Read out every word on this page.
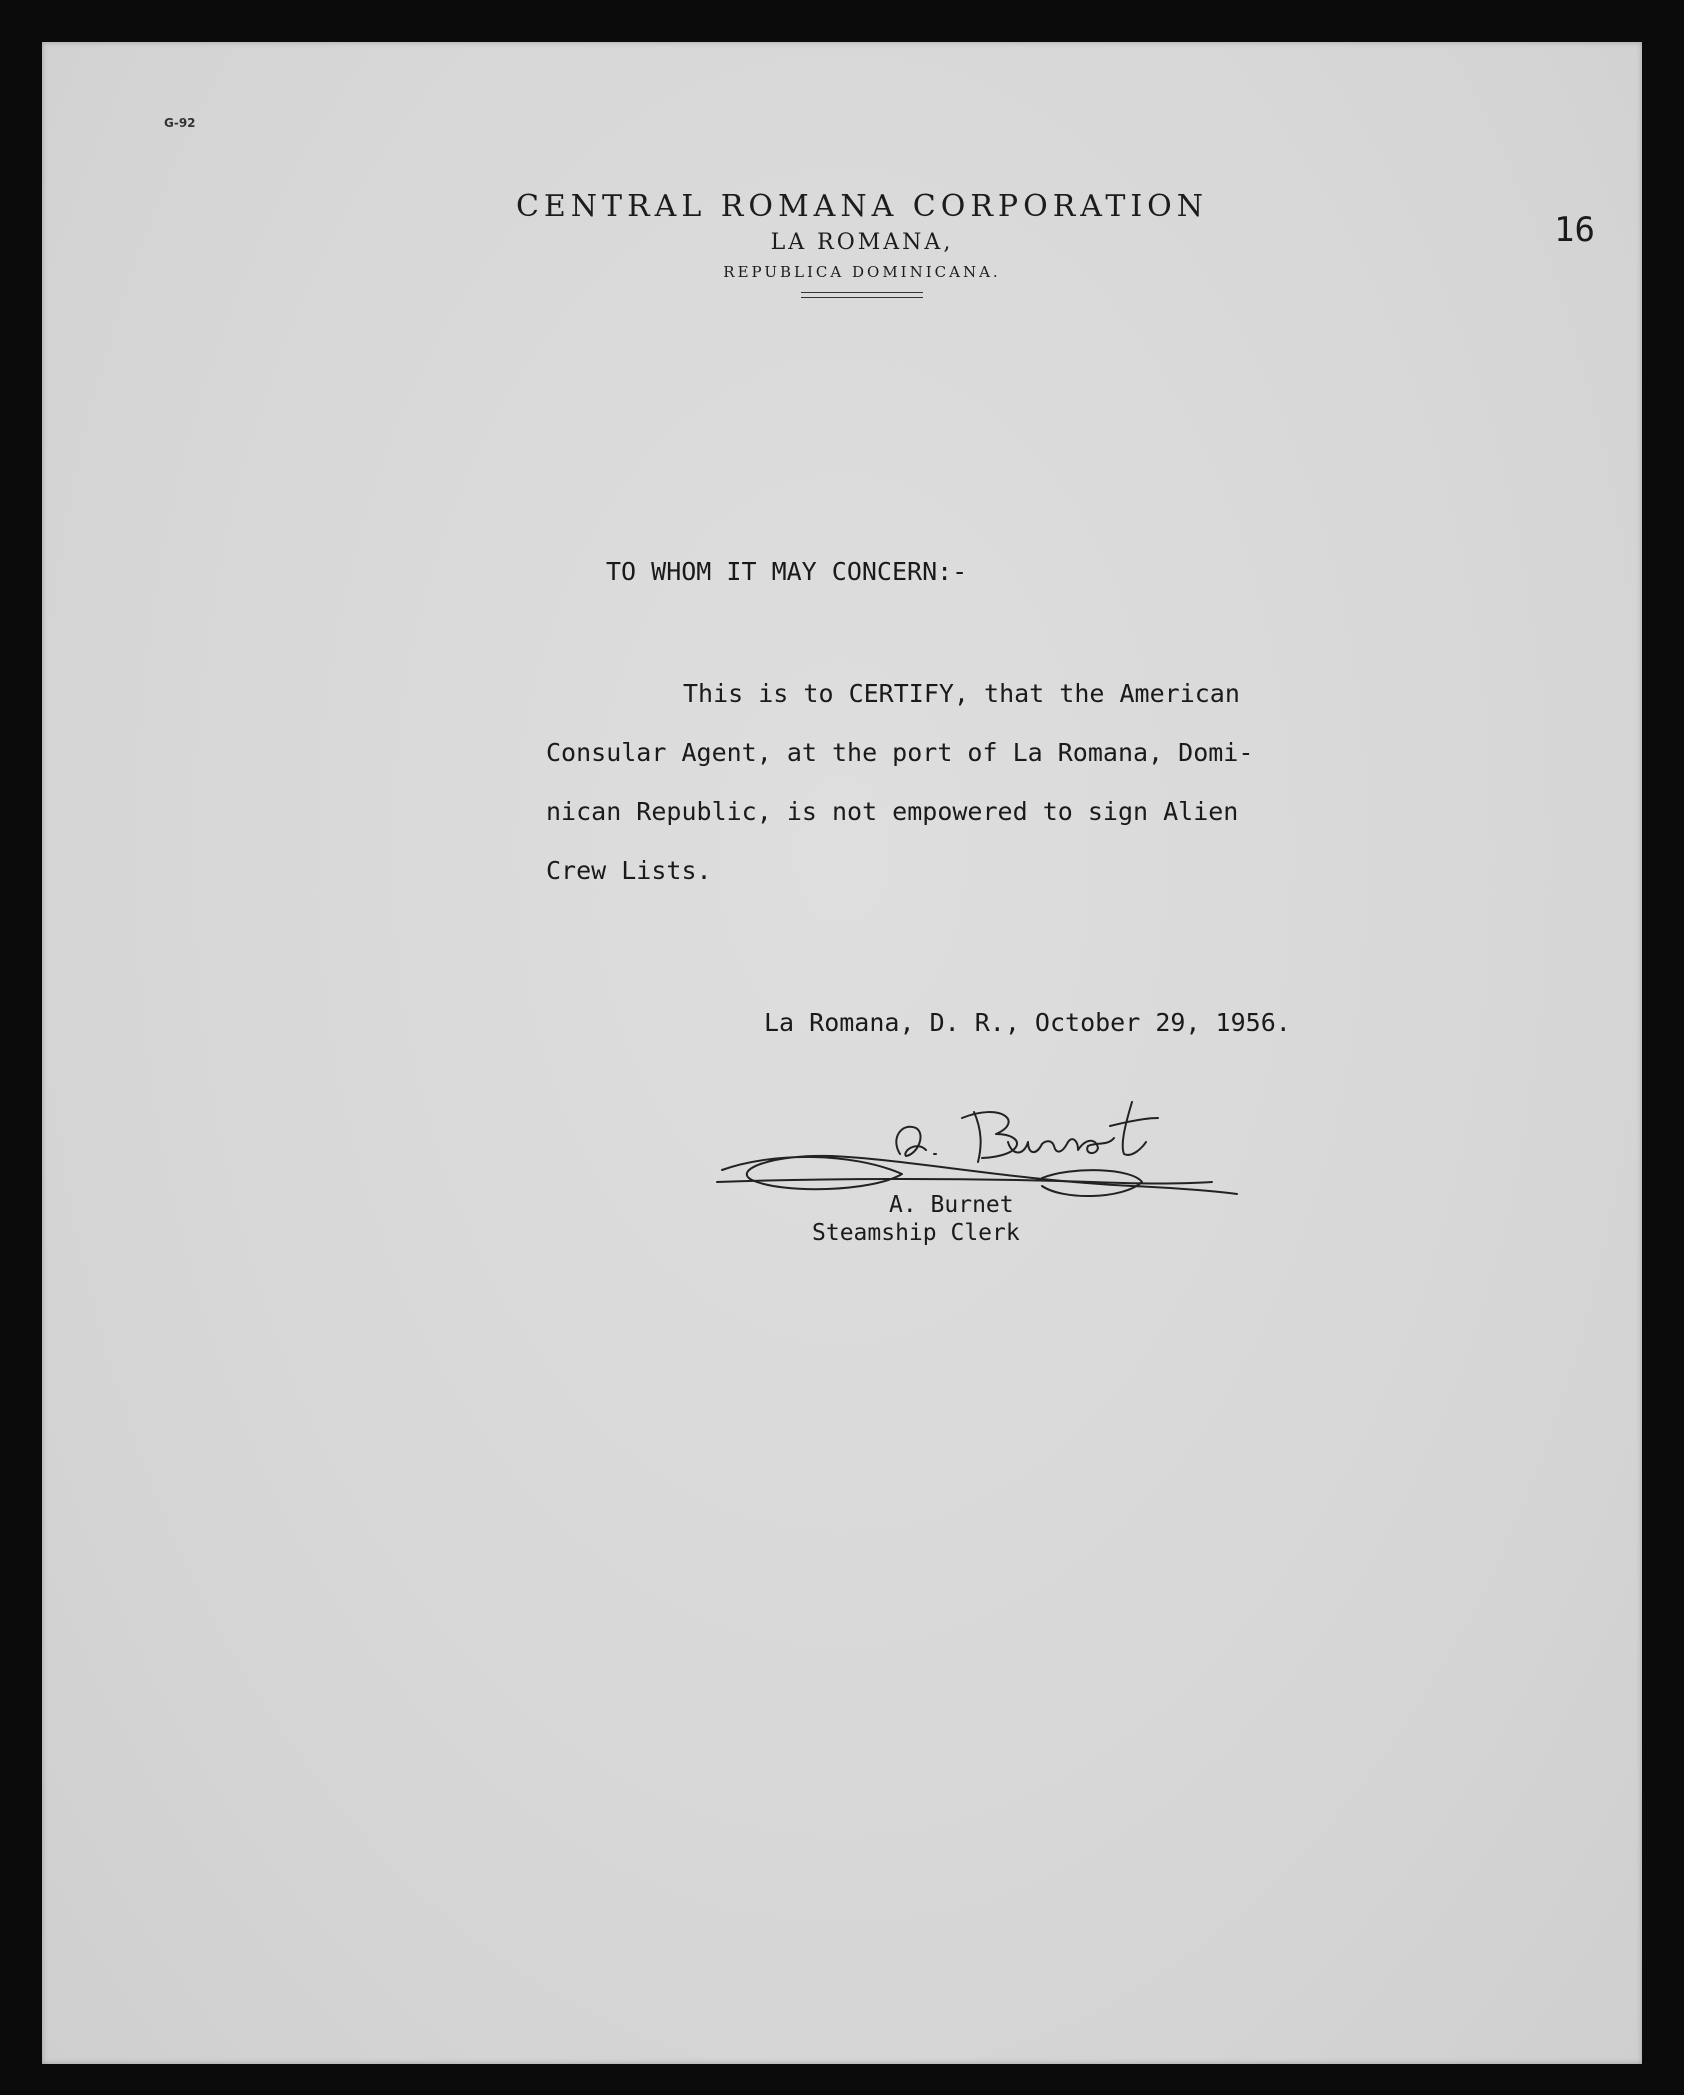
G-92
16
CENTRAL ROMANA CORPORATION
LA ROMANA,
REPUBLICA DOMINICANA.
TO WHOM IT MAY CONCERN:-
This is to CERTIFY, that the American
Consular Agent, at the port of La Romana, Domi-
nican Republic, is not empowered to sign Alien
Crew Lists.
La Romana, D. R., October 29, 1956.
A. Burnet
Steamship Clerk
